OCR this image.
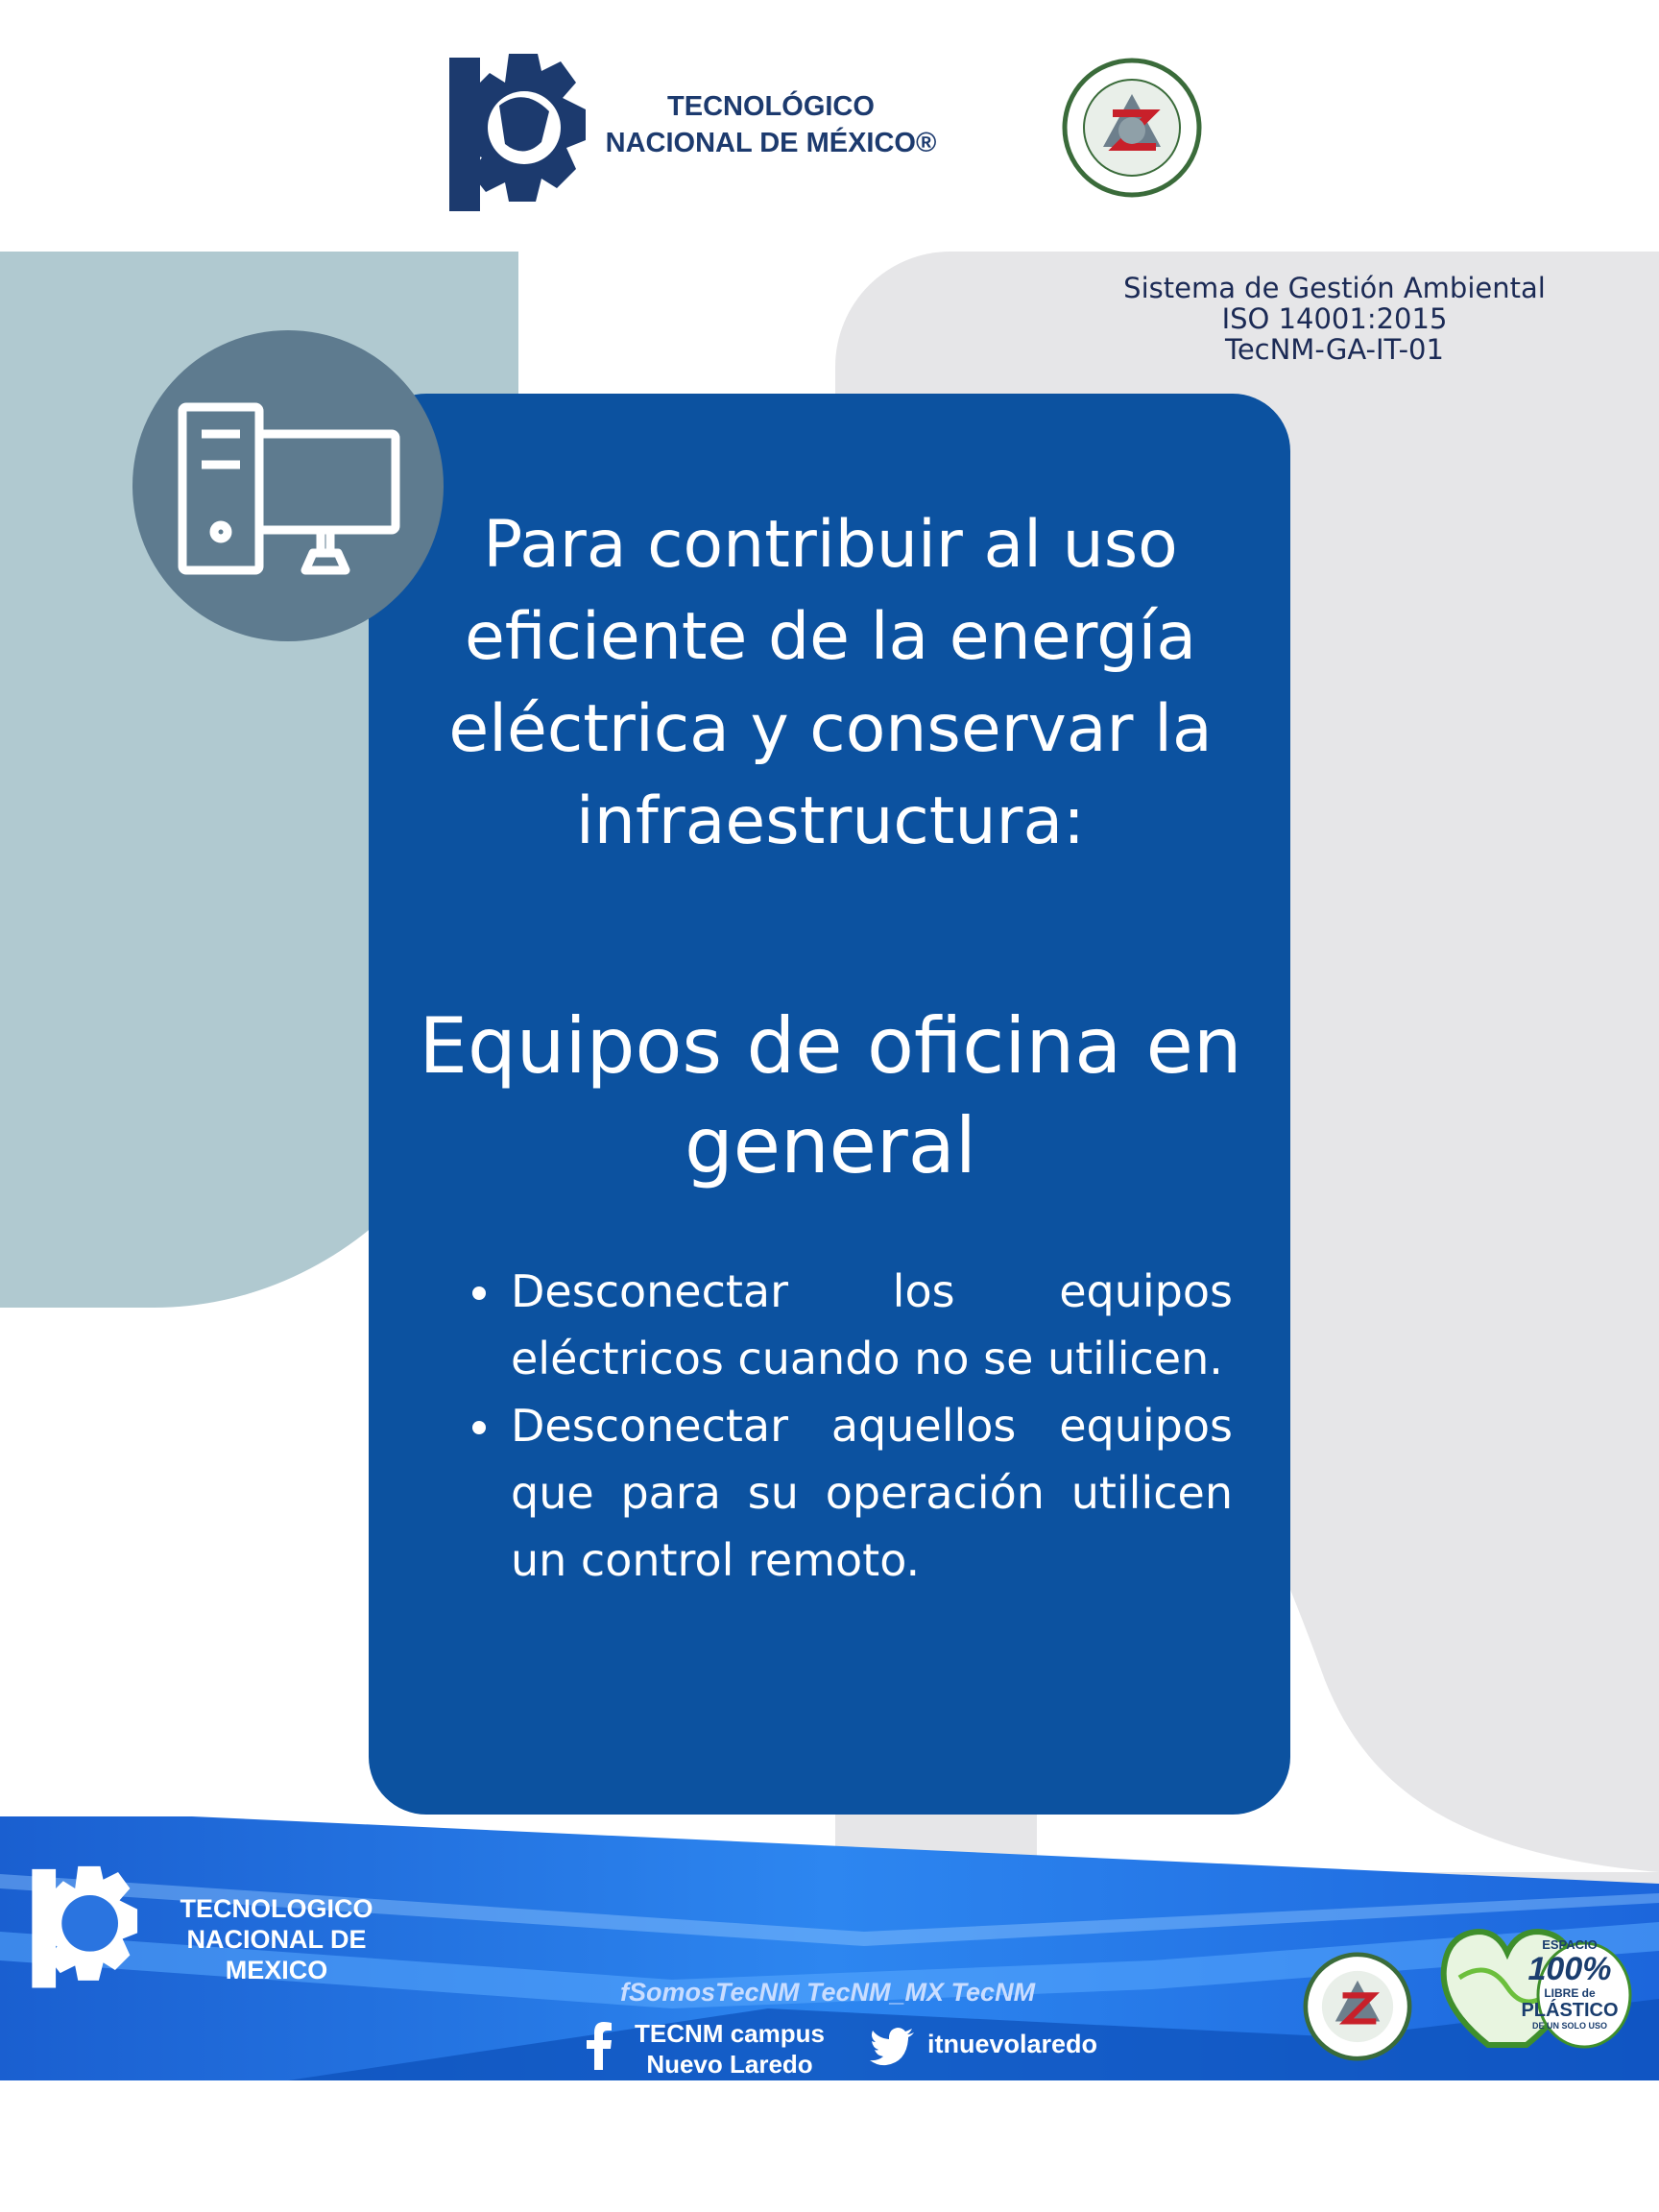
TECNOLÓGICO
NACIONAL DE MÉXICO®
Sistema de Gestión Ambiental
ISO 14001:2015
TecNM-GA-IT-01
Para contribuir al uso eficiente de la energía eléctrica y conservar la infraestructura:
Equipos de oficina en general
Desconectar los equipos eléctricos cuando no se utilicen.
Desconectar aquellos equipos que para su operación utilicen un control remoto.
TECNOLOGICO
NACIONAL DE MEXICO
fSomosTecNM TecNM_MX TecNM
TECNM campus
Nuevo Laredo
itnuevolaredo
ESPACIO
100%
LIBRE de
PLÁSTICO
DE UN SOLO USO
